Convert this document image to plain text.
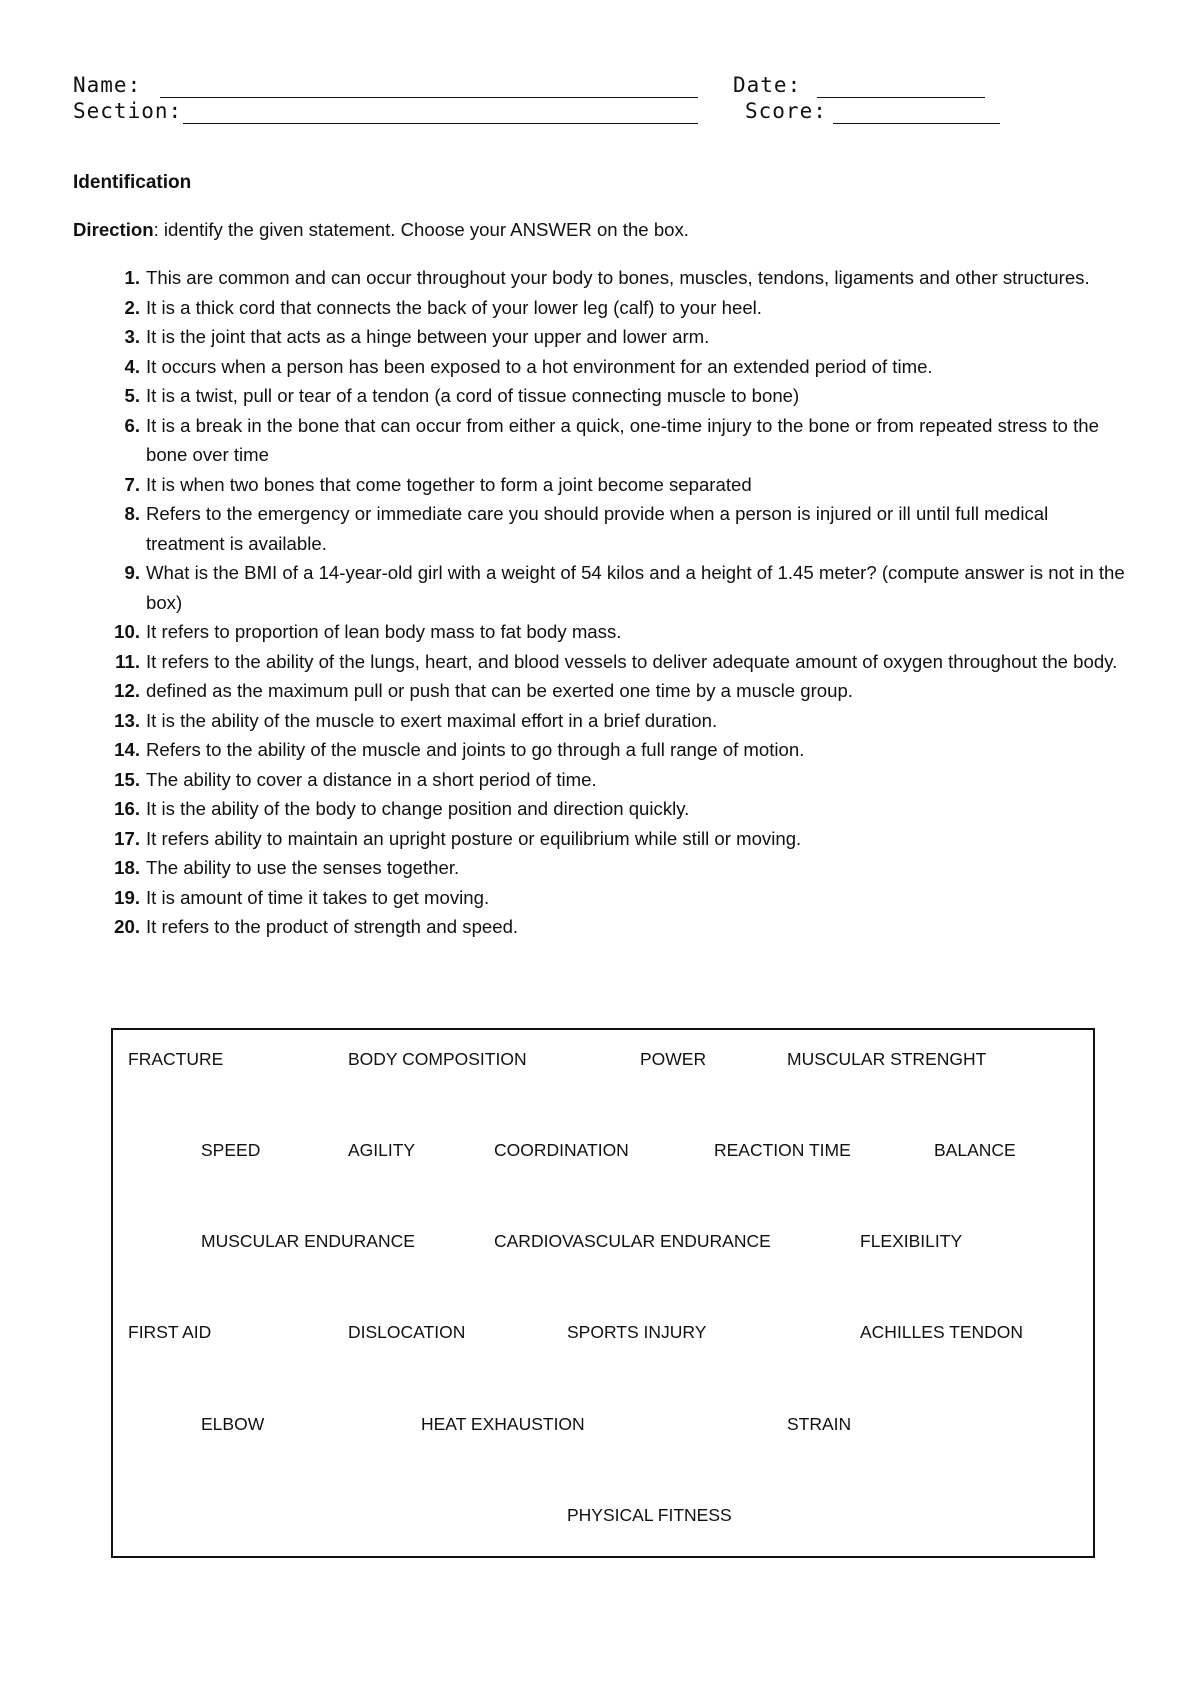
Name:	Date:
Section:	Score:
Identification
Direction: identify the given statement. Choose your ANSWER on the box.
1. This are common and can occur throughout your body to bones, muscles, tendons, ligaments and other structures.
2. It is a thick cord that connects the back of your lower leg (calf) to your heel.
3. It is the joint that acts as a hinge between your upper and lower arm.
4. It occurs when a person has been exposed to a hot environment for an extended period of time.
5. It is a twist, pull or tear of a tendon (a cord of tissue connecting muscle to bone)
6. It is a break in the bone that can occur from either a quick, one-time injury to the bone or from repeated stress to the bone over time
7. It is when two bones that come together to form a joint become separated
8. Refers to the emergency or immediate care you should provide when a person is injured or ill until full medical treatment is available.
9. What is the BMI of a 14-year-old girl with a weight of 54 kilos and a height of 1.45 meter? (compute answer is not in the box)
10. It refers to proportion of lean body mass to fat body mass.
11. It refers to the ability of the lungs, heart, and blood vessels to deliver adequate amount of oxygen throughout the body.
12. defined as the maximum pull or push that can be exerted one time by a muscle group.
13. It is the ability of the muscle to exert maximal effort in a brief duration.
14. Refers to the ability of the muscle and joints to go through a full range of motion.
15. The ability to cover a distance in a short period of time.
16. It is the ability of the body to change position and direction quickly.
17. It refers ability to maintain an upright posture or equilibrium while still or moving.
18. The ability to use the senses together.
19. It is amount of time it takes to get moving.
20. It refers to the product of strength and speed.
FRACTURE	BODY COMPOSITION	POWER	MUSCULAR STRENGHT
SPEED	AGILITY	COORDINATION	REACTION TIME	BALANCE
MUSCULAR ENDURANCE	CARDIOVASCULAR ENDURANCE	FLEXIBILITY
FIRST AID	DISLOCATION	SPORTS INJURY	ACHILLES TENDON
ELBOW	HEAT EXHAUSTION	STRAIN
PHYSICAL FITNESS
